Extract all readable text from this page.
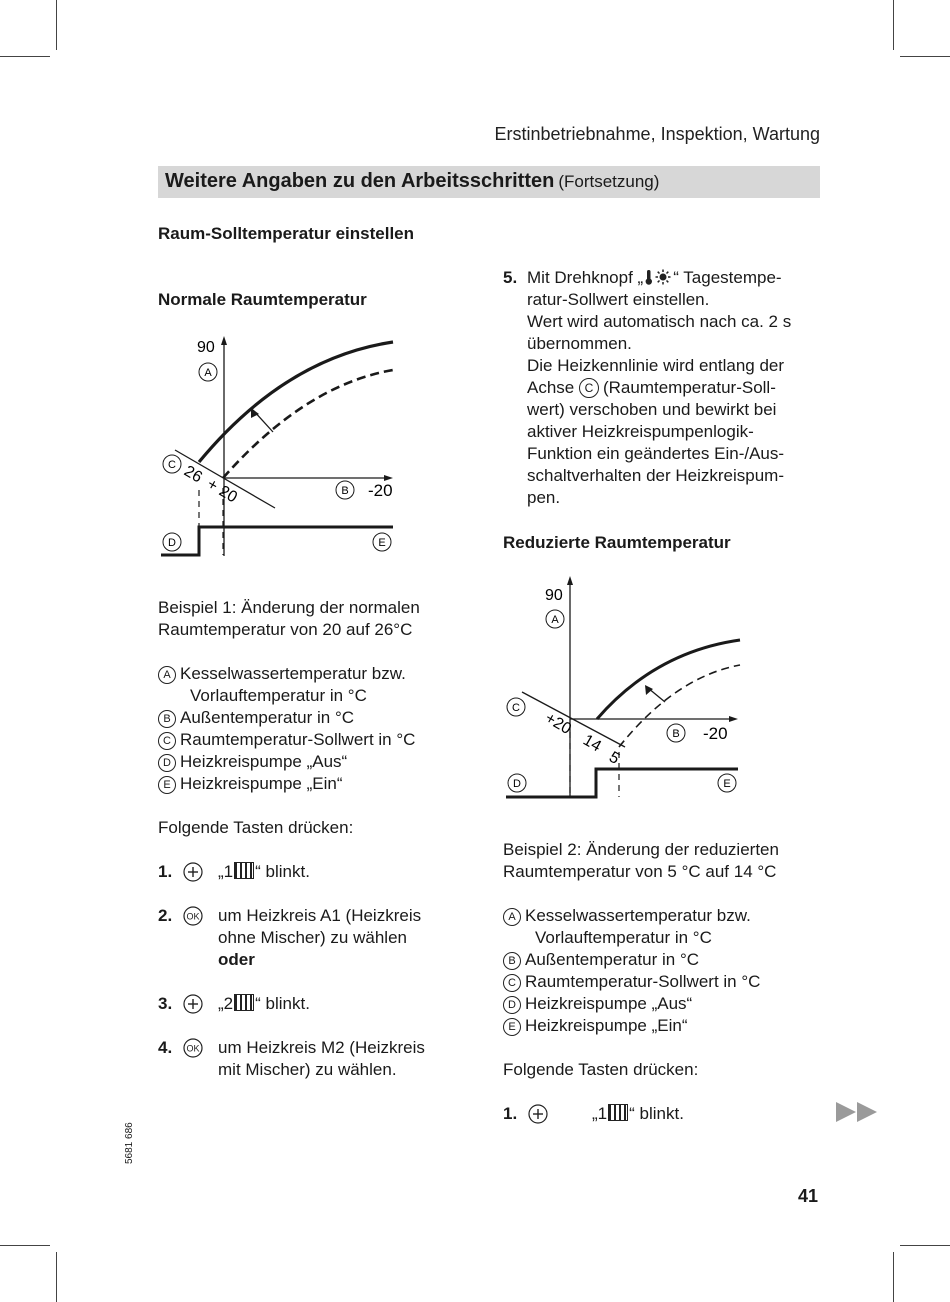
Erstinbetriebnahme, Inspektion, Wartung
Weitere Angaben zu den Arbeitsschritten (Fortsetzung)
Raum-Solltemperatur einstellen
Normale Raumtemperatur
90
A
C
B -20
26 +
20
D	E
Beispiel 1: Änderung der normalen
Raumtemperatur von 20 auf 26°C
A Kesselwassertemperatur bzw.
Vorlauftemperatur in °C
B Außentemperatur in °C
C Raumtemperatur-Sollwert in °C
D Heizkreispumpe „Aus“
E Heizkreispumpe „Ein“
Folgende Tasten drücken:
1.	„1 “ blinkt.
2. OK um Heizkreis A1 (Heizkreis
ohne Mischer) zu wählen
oder
3.	„2 “ blinkt.
4. OK um Heizkreis M2 (Heizkreis
mit Mischer) zu wählen.
5. Mit Drehknopf „ “ Tagestempe-
ratur-Sollwert einstellen.
Wert wird automatisch nach ca. 2 s
übernommen.
Die Heizkennlinie wird entlang der
Achse C (Raumtemperatur-Soll-
wert) verschoben und bewirkt bei
aktiver Heizkreispumpenlogik-
Funktion ein geändertes Ein-/Aus-
schaltverhalten der Heizkreispum-
pen.
Reduzierte Raumtemperatur
90
A
C
B -20
+20
14
5
D	E
Beispiel 2: Änderung der reduzierten
Raumtemperatur von 5 °C auf 14 °C
A Kesselwassertemperatur bzw.
Vorlauftemperatur in °C
B Außentemperatur in °C
C Raumtemperatur-Sollwert in °C
D Heizkreispumpe „Aus“
E Heizkreispumpe „Ein“
Folgende Tasten drücken:
1.	„1 “ blinkt.
5681 686
41
